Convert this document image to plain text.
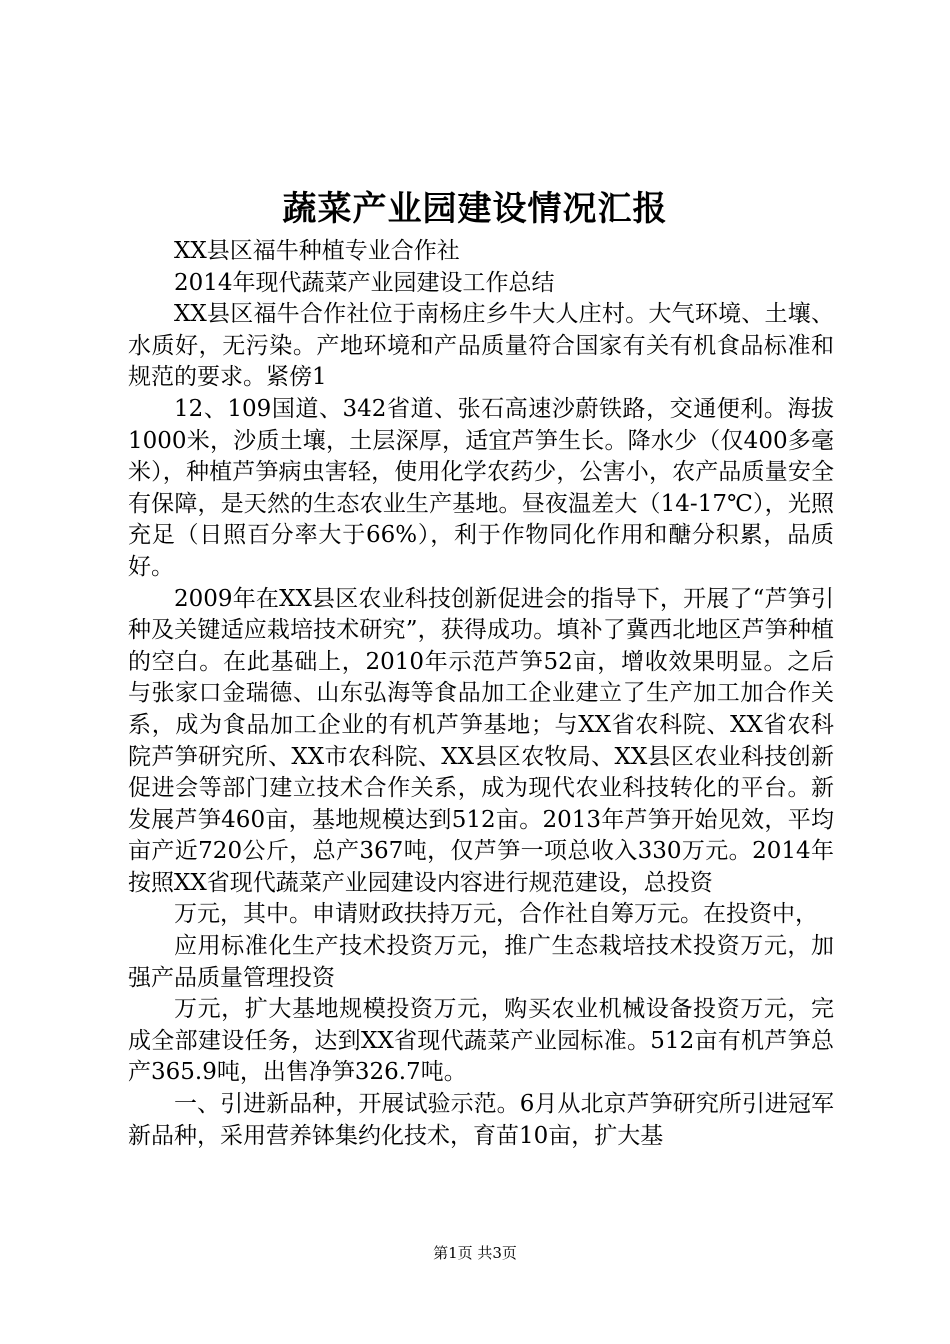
蔬菜产业园建设情况汇报

XX县区福牛种植专业合作社

2014年现代蔬菜产业园建设工作总结

XX县区福牛合作社位于南杨庄乡牛大人庄村。大气环境、土壤、水质好，无污染。产地环境和产品质量符合国家有关有机食品标准和规范的要求。紧傍1

12、109国道、342省道、张石高速沙蔚铁路，交通便利。海拔1000米，沙质土壤，土层深厚，适宜芦笋生长。降水少（仅400多毫米），种植芦笋病虫害轻，使用化学农药少，公害小，农产品质量安全有保障，是天然的生态农业生产基地。昼夜温差大（14-17℃），光照充足（日照百分率大于66%），利于作物同化作用和醣分积累，品质好。

2009年在XX县区农业科技创新促进会的指导下，开展了“芦笋引种及关键适应栽培技术研究”，获得成功。填补了冀西北地区芦笋种植的空白。在此基础上，2010年示范芦笋52亩，增收效果明显。之后与张家口金瑞德、山东弘海等食品加工企业建立了生产加工加合作关系，成为食品加工企业的有机芦笋基地；与XX省农科院、XX省农科院芦笋研究所、XX市农科院、XX县区农牧局、XX县区农业科技创新促进会等部门建立技术合作关系，成为现代农业科技转化的平台。新发展芦笋460亩，基地规模达到512亩。2013年芦笋开始见效，平均亩产近720公斤，总产367吨，仅芦笋一项总收入330万元。2014年按照XX省现代蔬菜产业园建设内容进行规范建设，总投资

万元，其中。申请财政扶持万元，合作社自筹万元。在投资中，

应用标准化生产技术投资万元，推广生态栽培技术投资万元，加强产品质量管理投资

万元，扩大基地规模投资万元，购买农业机械设备投资万元，完成全部建设任务，达到XX省现代蔬菜产业园标准。512亩有机芦笋总产365.9吨，出售净笋326.7吨。

一、引进新品种，开展试验示范。6月从北京芦笋研究所引进冠军新品种，采用营养钵集约化技术，育苗10亩，扩大基

第1页 共3页
